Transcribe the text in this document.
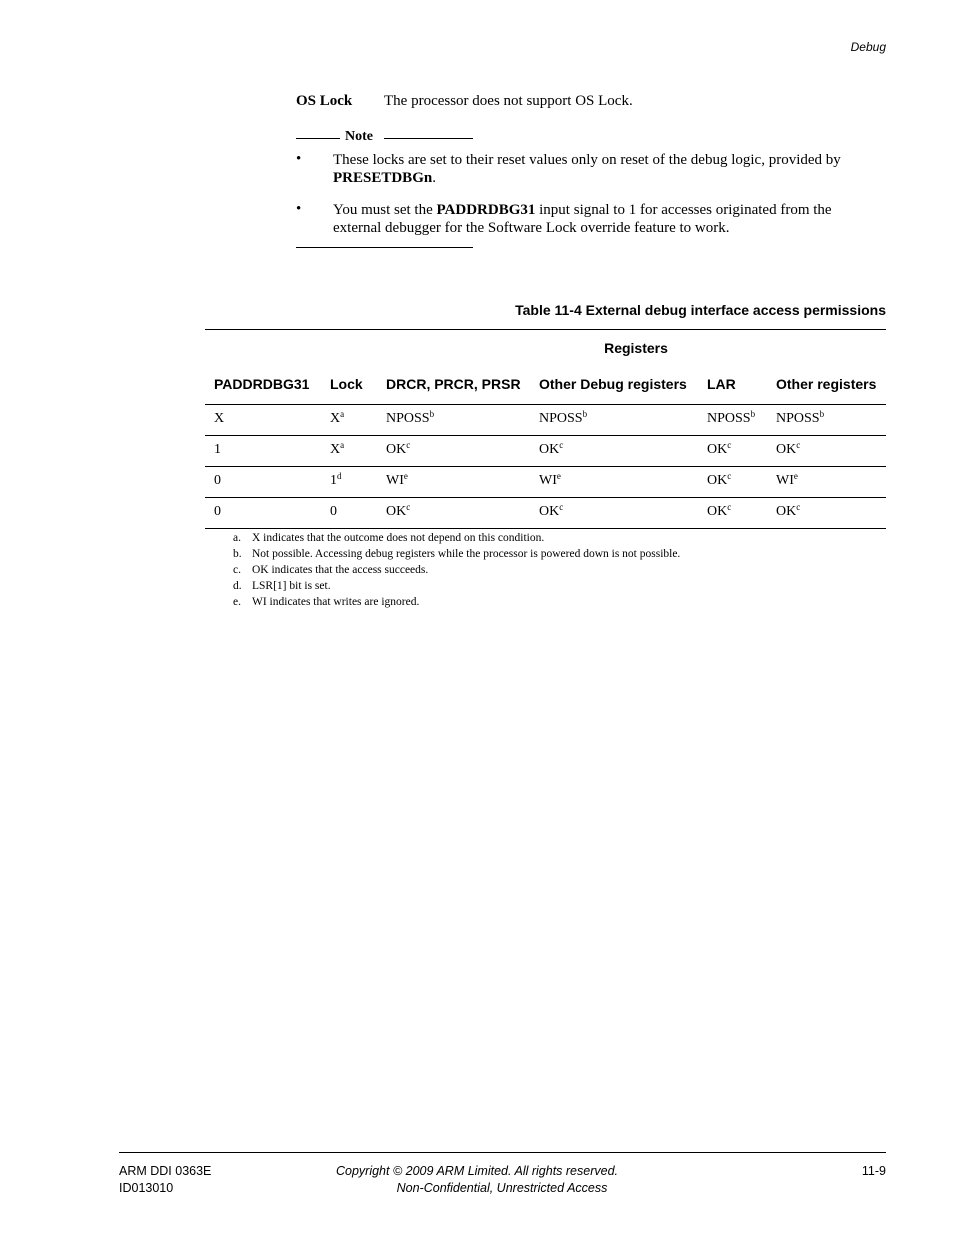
Debug
OS Lock The processor does not support OS Lock.
Note
• These locks are set to their reset values only on reset of the debug logic, provided by PRESETDBGn.
• You must set the PADDRDBG31 input signal to 1 for accesses originated from the external debugger for the Software Lock override feature to work.
Table 11-4 External debug interface access permissions
		Registers			
PADDRDBG31	Lock	DRCR, PRCR, PRSR	Other Debug registers	LAR	Other registers
X	$X^a$	NPOSS$^b$	NPOSS$^b$	NPOSS$^b$	NPOSS$^b$
1	$X^a$	$OK^c$	$OK^c$	$OK^c$	$OK^c$
0	1$^d$	$WI^e$	$WI^e$	$OK^c$	$WI^e$
0	0	$OK^c$	$OK^c$	$OK^c$	$OK^c$
a. X indicates that the outcome does not depend on this condition.
b. Not possible. Accessing debug registers while the processor is powered down is not possible.
c. OK indicates that the access succeeds.
d. LSR[1] bit is set.
e. WI indicates that writes are ignored.
ARM DDI 0363E
ID013010
Copyright © 2009 ARM Limited. All rights reserved.
Non-Confidential, Unrestricted Access
11-9
